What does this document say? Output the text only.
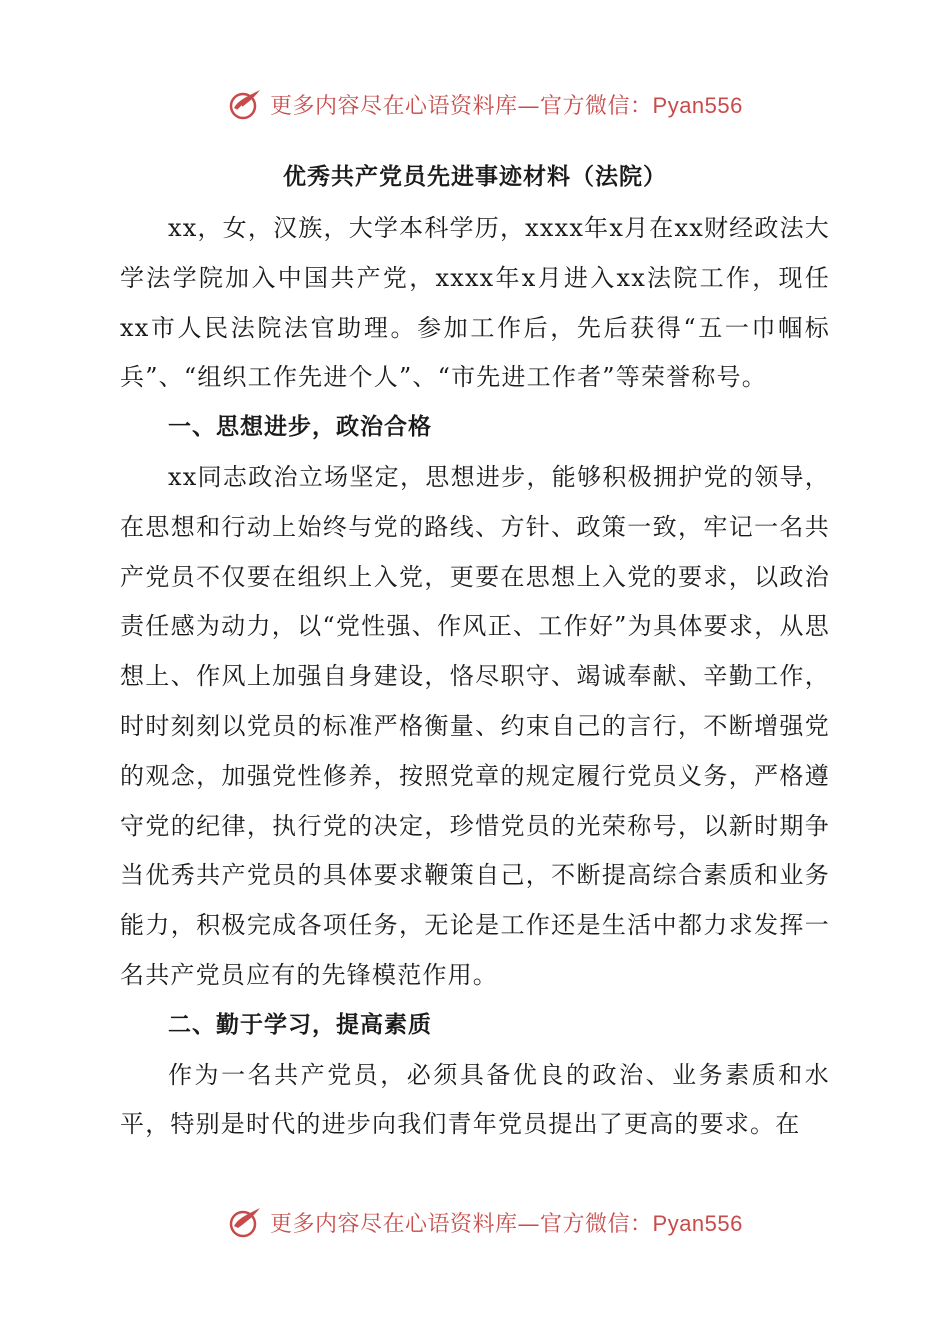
更多内容尽在心语资料库—官方微信：Pyan556
优秀共产党员先进事迹材料（法院）

xx，女，汉族，大学本科学历，xxxx年x月在xx财经政法大学法学院加入中国共产党，xxxx年x月进入xx法院工作，现任xx市人民法院法官助理。参加工作后，先后获得“五一巾帼标兵”、“组织工作先进个人”、“市先进工作者”等荣誉称号。

一、思想进步，政治合格

xx同志政治立场坚定，思想进步，能够积极拥护党的领导，在思想和行动上始终与党的路线、方针、政策一致，牢记一名共产党员不仅要在组织上入党，更要在思想上入党的要求，以政治责任感为动力，以“党性强、作风正、工作好”为具体要求，从思想上、作风上加强自身建设，恪尽职守、竭诚奉献、辛勤工作，时时刻刻以党员的标准严格衡量、约束自己的言行，不断增强党的观念，加强党性修养，按照党章的规定履行党员义务，严格遵守党的纪律，执行党的决定，珍惜党员的光荣称号，以新时期争当优秀共产党员的具体要求鞭策自己，不断提高综合素质和业务能力，积极完成各项任务，无论是工作还是生活中都力求发挥一名共产党员应有的先锋模范作用。

二、勤于学习，提高素质

作为一名共产党员，必须具备优良的政治、业务素质和水平，特别是时代的进步向我们青年党员提出了更高的要求。在

更多内容尽在心语资料库—官方微信：Pyan556
